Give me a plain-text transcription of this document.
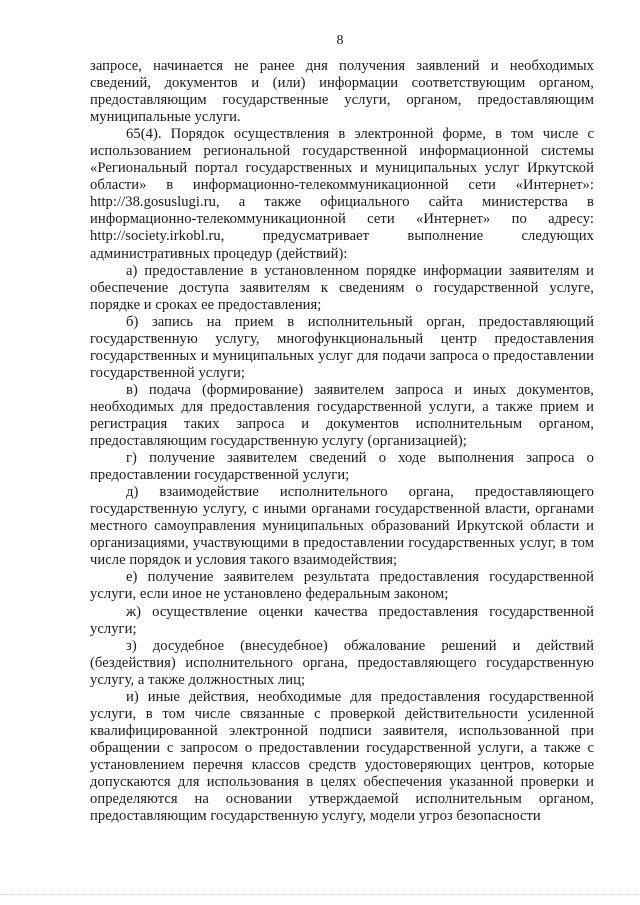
8

запросе, начинается не ранее дня получения заявлений и необходимых сведений, документов и (или) информации соответствующим органом, предоставляющим государственные услуги, органом, предоставляющим муниципальные услуги.

65(4). Порядок осуществления в электронной форме, в том числе с использованием региональной государственной информационной системы «Региональный портал государственных и муниципальных услуг Иркутской области» в информационно-телекоммуникационной сети «Интернет»: http://38.gosuslugi.ru, а также официального сайта министерства в информационно-телекоммуникационной сети «Интернет» по адресу: http://society.irkobl.ru, предусматривает выполнение следующих административных процедур (действий):

а) предоставление в установленном порядке информации заявителям и обеспечение доступа заявителям к сведениям о государственной услуге, порядке и сроках ее предоставления;

б) запись на прием в исполнительный орган, предоставляющий государственную услугу, многофункциональный центр предоставления государственных и муниципальных услуг для подачи запроса о предоставлении государственной услуги;

в) подача (формирование) заявителем запроса и иных документов, необходимых для предоставления государственной услуги, а также прием и регистрация таких запроса и документов исполнительным органом, предоставляющим государственную услугу (организацией);

г) получение заявителем сведений о ходе выполнения запроса о предоставлении государственной услуги;

д) взаимодействие исполнительного органа, предоставляющего государственную услугу, с иными органами государственной власти, органами местного самоуправления муниципальных образований Иркутской области и организациями, участвующими в предоставлении государственных услуг, в том числе порядок и условия такого взаимодействия;

е) получение заявителем результата предоставления государственной услуги, если иное не установлено федеральным законом;

ж) осуществление оценки качества предоставления государственной услуги;

з) досудебное (внесудебное) обжалование решений и действий (бездействия) исполнительного органа, предоставляющего государственную услугу, а также должностных лиц;

и) иные действия, необходимые для предоставления государственной услуги, в том числе связанные с проверкой действительности усиленной квалифицированной электронной подписи заявителя, использованной при обращении с запросом о предоставлении государственной услуги, а также с установлением перечня классов средств удостоверяющих центров, которые допускаются для использования в целях обеспечения указанной проверки и определяются на основании утверждаемой исполнительным органом, предоставляющим государственную услугу, модели угроз безопасности
